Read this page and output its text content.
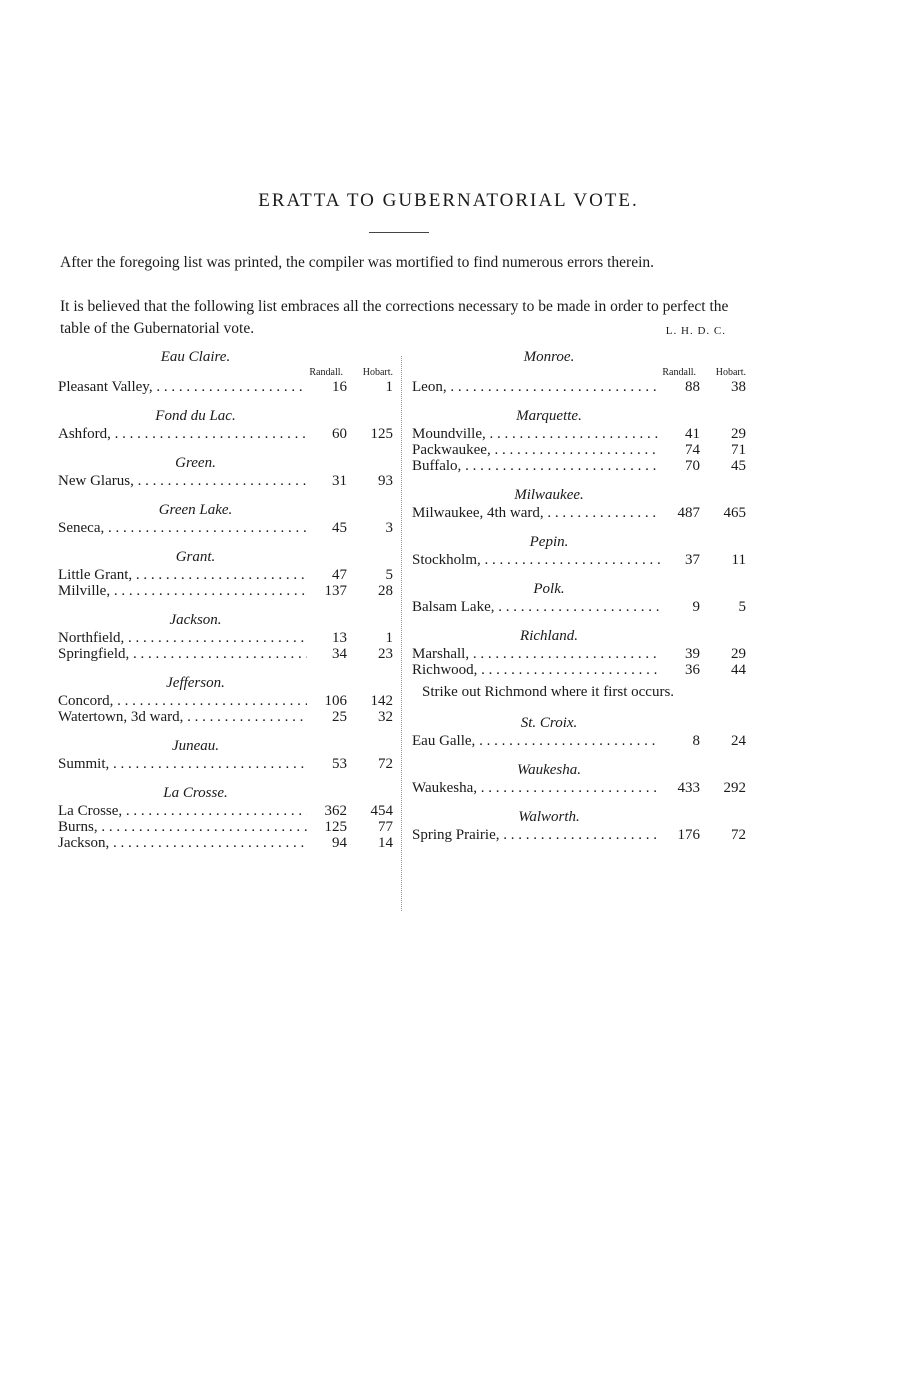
ERATTA TO GUBERNATORIAL VOTE.
After the foregoing list was printed, the compiler was mortified to find numerous errors therein.
It is believed that the following list embraces all the corrections necessary to be made in order to perfect the table of the Gubernatorial vote.	L. H. D. C.
Eau Claire.
Randall. Hobart.
Pleasant Valley, . . .	16	1
Fond du Lac.
Ashford, . . .	60	125
Green.
New Glarus, . . .	31	93
Green Lake.
Seneca, . . .	45	3
Grant.
Little Grant, . . .	47	5
Milville, . . .	137	28
Jackson.
Northfield, . . .	13	1
Springfield, . . .	34	23
Jefferson.
Concord, . . .	106	142
Watertown, 3d ward, . . .	25	32
Juneau.
Summit, . . .	53	72
La Crosse.
La Crosse, . . .	362	454
Burns, . . .	125	77
Jackson, . . .	94	14
Monroe.
Randall. Hobart.
Leon, . . .	88	38
Marquette.
Moundville, . . .	41	29
Packwaukee, . . .	74	71
Buffalo, . . .	70	45
Milwaukee.
Milwaukee, 4th ward, . . .	487	465
Pepin.
Stockholm, . . .	37	11
Polk.
Balsam Lake, . . .	9	5
Richland.
Marshall, . . .	39	29
Richwood, . . .	36	44
Strike out Richmond where it first occurs.
St. Croix.
Eau Galle, . . .	8	24
Waukesha.
Waukesha, . . .	433	292
Walworth.
Spring Prairie, . . .	176	72
